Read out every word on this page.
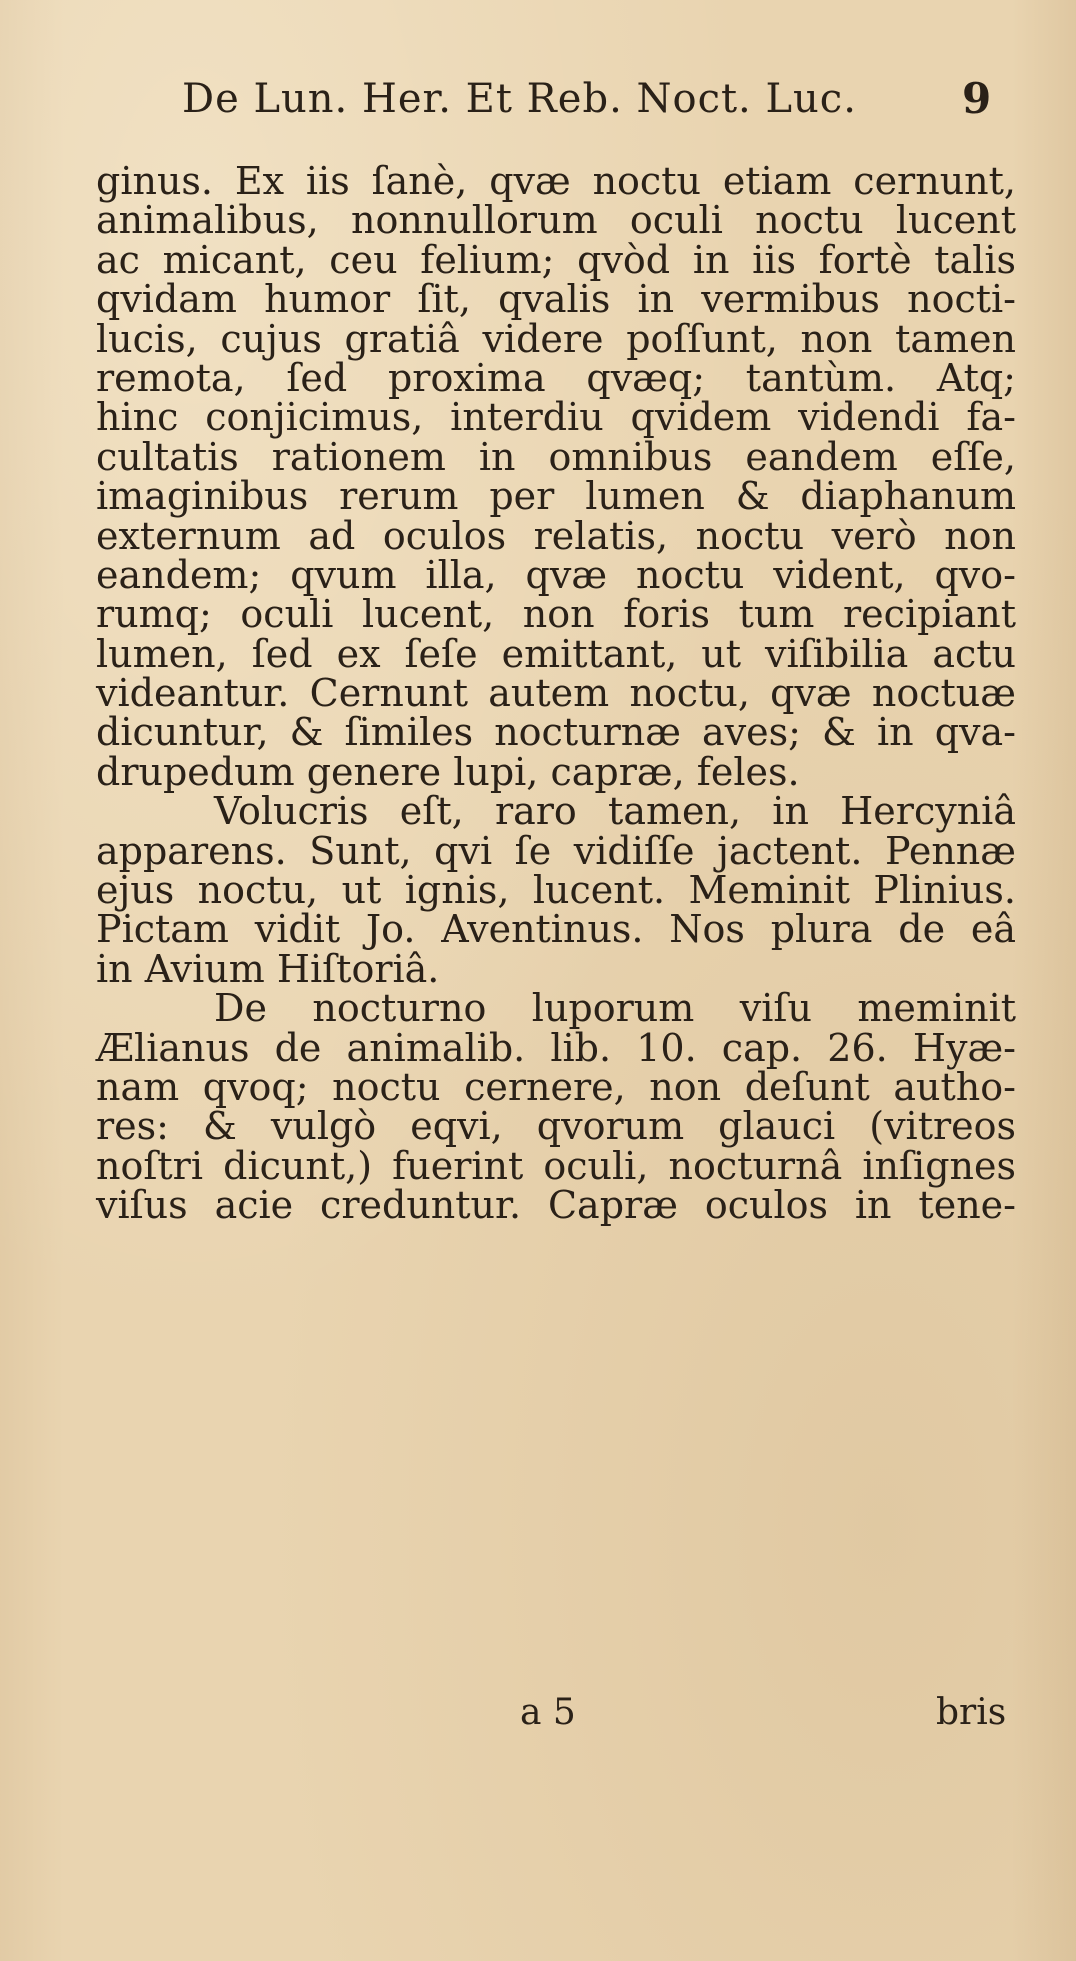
De Lun. Her. Et Reb. Noct. Luc.	9
ginus. Ex iis ſanè, qvæ noctu etiam cernunt,
animalibus, nonnullorum oculi noctu lucent
ac micant, ceu felium; qvòd in iis fortè talis
qvidam humor ſit, qvalis in vermibus nocti-
lucis, cujus gratiâ videre poſſunt, non tamen
remota, ſed proxima qvæq; tantùm. Atq;
hinc conjicimus, interdiu qvidem videndi fa-
cultatis rationem in omnibus eandem eſſe,
imaginibus rerum per lumen & diaphanum
externum ad oculos relatis, noctu verò non
eandem; qvum illa, qvæ noctu vident, qvo-
rumq; oculi lucent, non foris tum recipiant
lumen, ſed ex ſeſe emittant, ut viſibilia actu
videantur. Cernunt autem noctu, qvæ noctuæ
dicuntur, & ſimiles nocturnæ aves; & in qva-
drupedum genere lupi, capræ, feles.
Volucris eſt, raro tamen, in Hercyniâ
apparens. Sunt, qvi ſe vidiſſe jactent. Pennæ
ejus noctu, ut ignis, lucent. Meminit Plinius.
Pictam vidit Jo. Aventinus. Nos plura de eâ
in Avium Hiſtoriâ.
De nocturno luporum viſu meminit
Ælianus de animalib. lib. 10. cap. 26. Hyæ-
nam qvoq; noctu cernere, non deſunt autho-
res: & vulgò eqvi, qvorum glauci (vitreos
noſtri dicunt,) fuerint oculi, nocturnâ inſignes
viſus acie creduntur. Capræ oculos in tene-
a 5	bris
